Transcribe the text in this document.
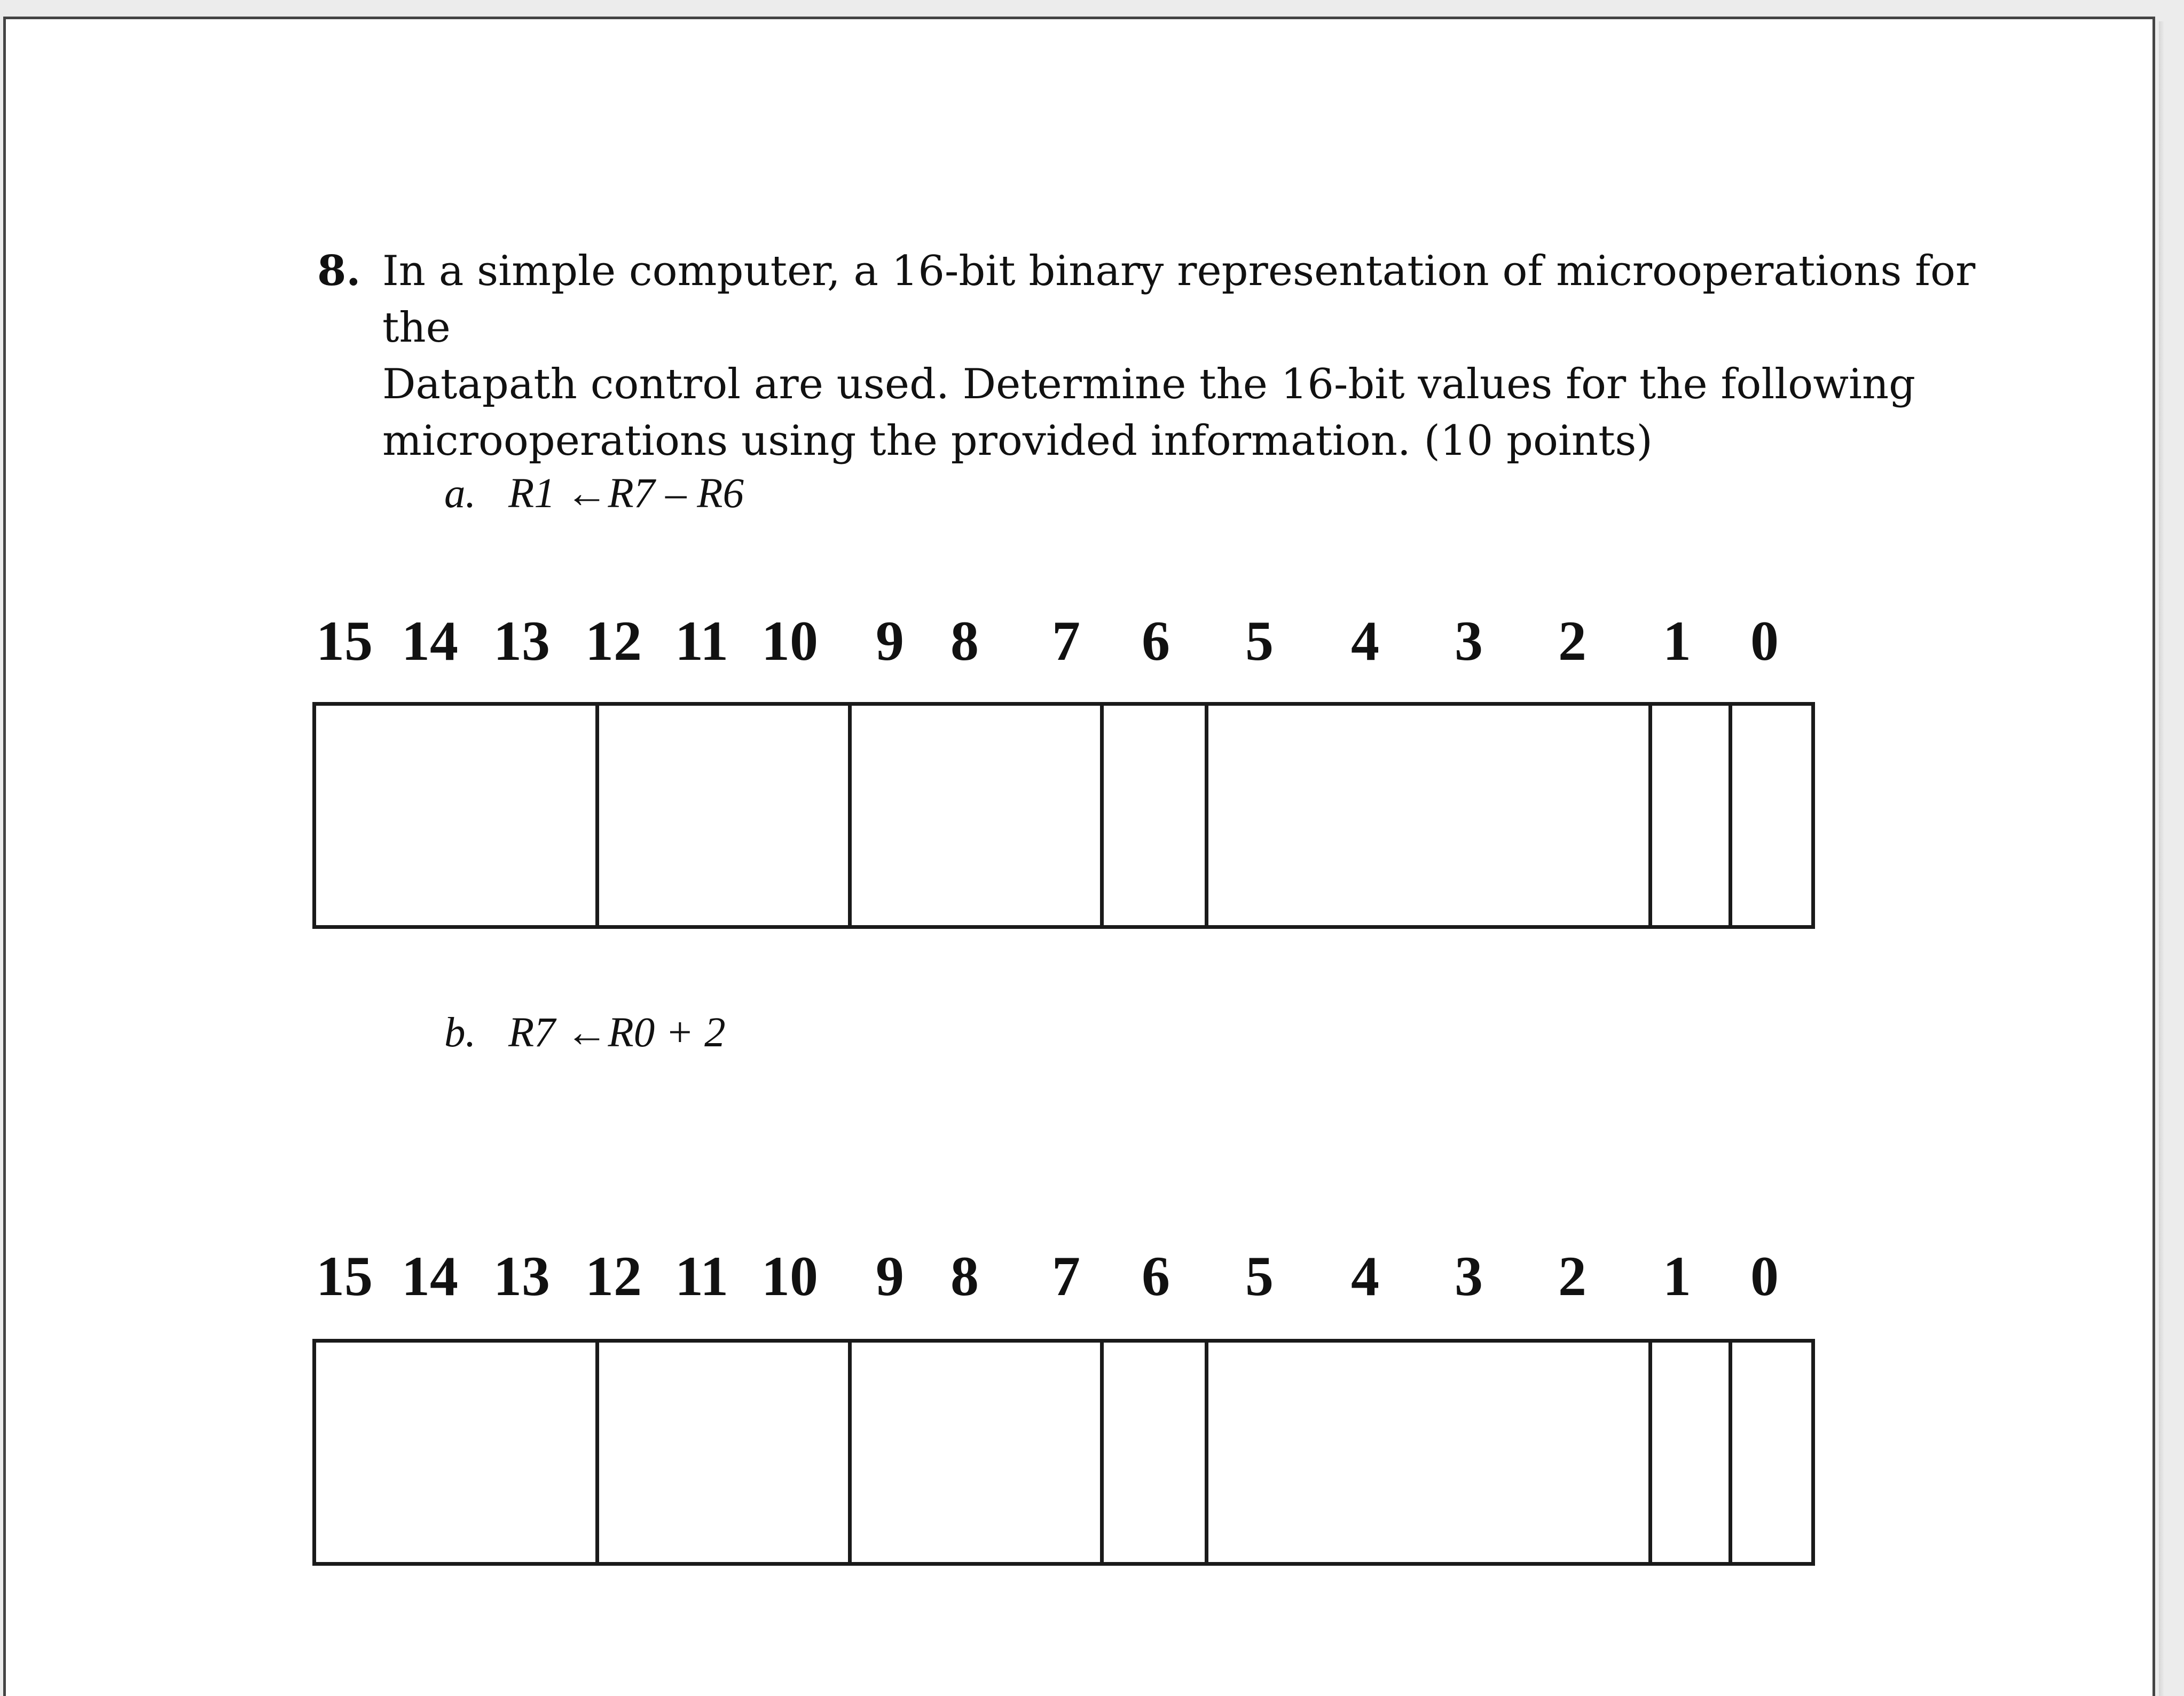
8. In a simple computer, a 16-bit binary representation of microoperations for the
Datapath control are used. Determine the 16-bit values for the following
microoperations using the provided information. (10 points)
a. R1 ←R7 – R6
15 14 13 12 11 10 9 8 7 6 5 4 3 2 1 0
b. R7 ←R0 + 2
15 14 13 12 11 10 9 8 7 6 5 4 3 2 1 0
